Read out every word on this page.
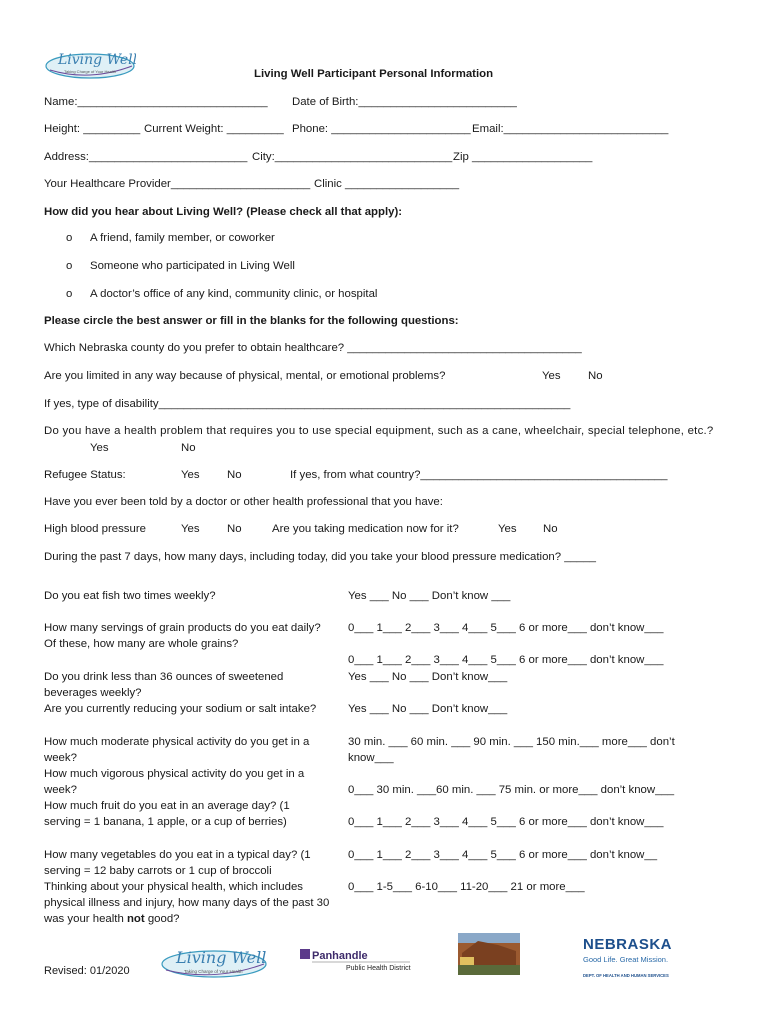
Living Well
Taking Charge of Your Health	Living Well Participant Personal Information
Name:______________________________ Date of Birth:_________________________
Height: _________ Current Weight: _________ Phone: ______________________ Email:__________________________
Address:_________________________ City:____________________________ Zip ___________________
Your Healthcare Provider______________________ Clinic __________________
How did you hear about Living Well? (Please check all that apply):
o A friend, family member, or coworker
o Someone who participated in Living Well
o A doctor’s office of any kind, community clinic, or hospital
Please circle the best answer or fill in the blanks for the following questions:
Which Nebraska county do you prefer to obtain healthcare? _____________________________________
Are you limited in any way because of physical, mental, or emotional problems?	Yes No
If yes, type of disability_________________________________________________________________
Do you have a health problem that requires you to use special equipment, such as a cane, wheelchair, special telephone, etc.?
Yes	No
Refugee Status:	Yes No	If yes, from what country?_______________________________________
Have you ever been told by a doctor or other health professional that you have:
High blood pressure	Yes No	Are you taking medication now for it?	Yes No
During the past 7 days, how many days, including today, did you take your blood pressure medication? _____
Do you eat fish two times weekly?	Yes ___ No ___ Don’t know ___
How many servings of grain products do you eat daily? 0___ 1___ 2___ 3___ 4___ 5___ 6 or more___ don’t know___
Of these, how many are whole grains?
0___ 1___ 2___ 3___ 4___ 5___ 6 or more___ don’t know___
Do you drink less than 36 ounces of sweetened	Yes ___ No ___ Don’t know___
beverages weekly?
Are you currently reducing your sodium or salt intake?	Yes ___ No ___ Don’t know___
How much moderate physical activity do you get in a	30 min. ___ 60 min. ___ 90 min. ___ 150 min.___ more___ don’t
week?	know___
How much vigorous physical activity do you get in a
week?	0___ 30 min. ___60 min. ___ 75 min. or more___ don’t know___
How much fruit do you eat in an average day? (1
serving = 1 banana, 1 apple, or a cup of berries)	0___ 1___ 2___ 3___ 4___ 5___ 6 or more___ don’t know___
How many vegetables do you eat in a typical day? (1	0___ 1___ 2___ 3___ 4___ 5___ 6 or more___ don’t know__
serving = 12 baby carrots or 1 cup of broccoli
Thinking about your physical health, which includes	0___ 1-5___ 6-10___ 11-20___ 21 or more___
physical illness and injury, how many days of the past 30
was your health not good?
Living Well
Taking Charge of Your Health
Panhandle
Public Health District
NEBRASKA
Good Life. Great Mission.
DEPT. OF HEALTH AND HUMAN SERVICES
Revised: 01/2020
